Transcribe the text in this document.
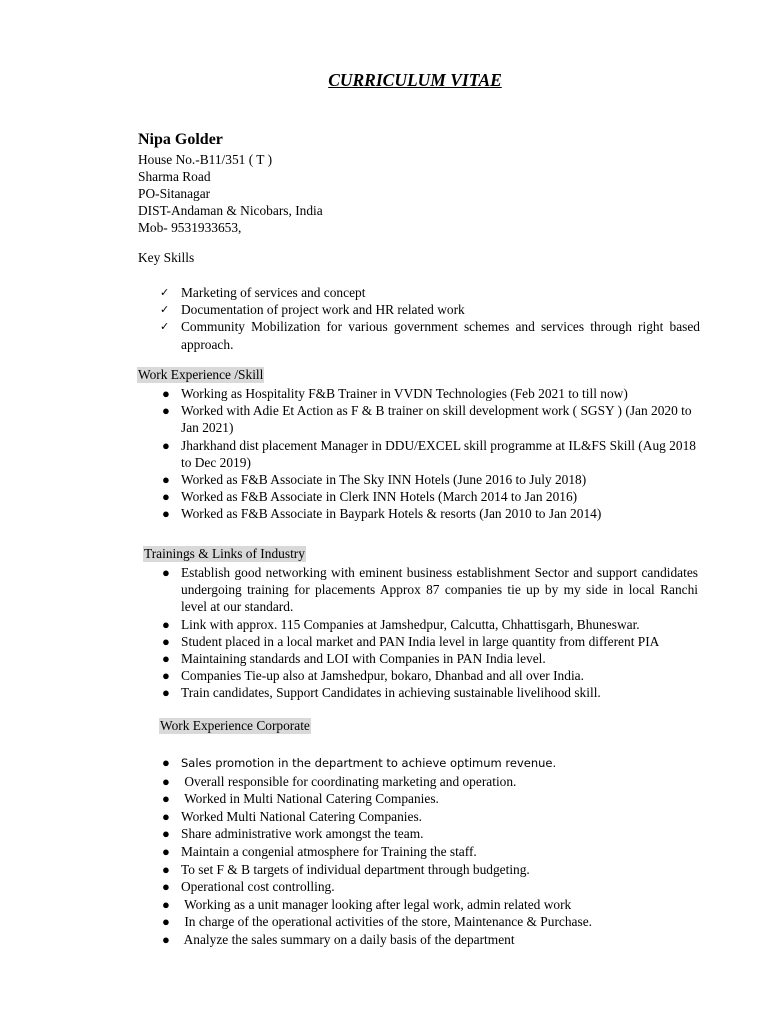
CURRICULUM VITAE
Nipa Golder
House No.-B11/351 ( T )
Sharma Road
PO-Sitanagar
DIST-Andaman & Nicobars, India
Mob- 9531933653,
Key Skills
✓ Marketing of services and concept
✓ Documentation of project work and HR related work
✓ Community Mobilization for various government schemes and services through right based approach.
Work Experience /Skill
● Working as Hospitality F&B Trainer in VVDN Technologies (Feb 2021 to till now)
● Worked with Adie Et Action as F & B trainer on skill development work ( SGSY ) (Jan 2020 to Jan 2021)
● Jharkhand dist placement Manager in DDU/EXCEL skill programme at IL&FS Skill (Aug 2018 to Dec 2019)
● Worked as F&B Associate in The Sky INN Hotels (June 2016 to July 2018)
● Worked as F&B Associate in Clerk INN Hotels (March 2014 to Jan 2016)
● Worked as F&B Associate in Baypark Hotels & resorts (Jan 2010 to Jan 2014)
Trainings & Links of Industry
● Establish good networking with eminent business establishment Sector and support candidates undergoing training for placements Approx 87 companies tie up by my side in local Ranchi level at our standard.
● Link with approx. 115 Companies at Jamshedpur, Calcutta, Chhattisgarh, Bhuneswar.
● Student placed in a local market and PAN India level in large quantity from different PIA
● Maintaining standards and LOI with Companies in PAN India level.
● Companies Tie-up also at Jamshedpur, bokaro, Dhanbad and all over India.
● Train candidates, Support Candidates in achieving sustainable livelihood skill.
Work Experience Corporate
● Sales promotion in the department to achieve optimum revenue.
● Overall responsible for coordinating marketing and operation.
● Worked in Multi National Catering Companies.
● Worked Multi National Catering Companies.
● Share administrative work amongst the team.
● Maintain a congenial atmosphere for Training the staff.
● To set F & B targets of individual department through budgeting.
● Operational cost controlling.
● Working as a unit manager looking after legal work, admin related work
● In charge of the operational activities of the store, Maintenance & Purchase.
● Analyze the sales summary on a daily basis of the department
